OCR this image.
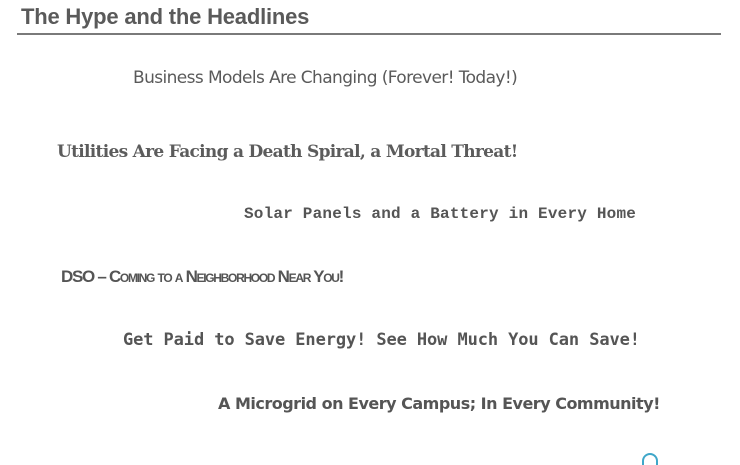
The Hype and the Headlines
Business Models Are Changing (Forever! Today!)
Utilities Are Facing a Death Spiral, a Mortal Threat!
Solar Panels and a Battery in Every Home
DSO – Coming to a Neighborhood Near You!
Get Paid to Save Energy! See How Much You Can Save!
A Microgrid on Every Campus; In Every Community!
